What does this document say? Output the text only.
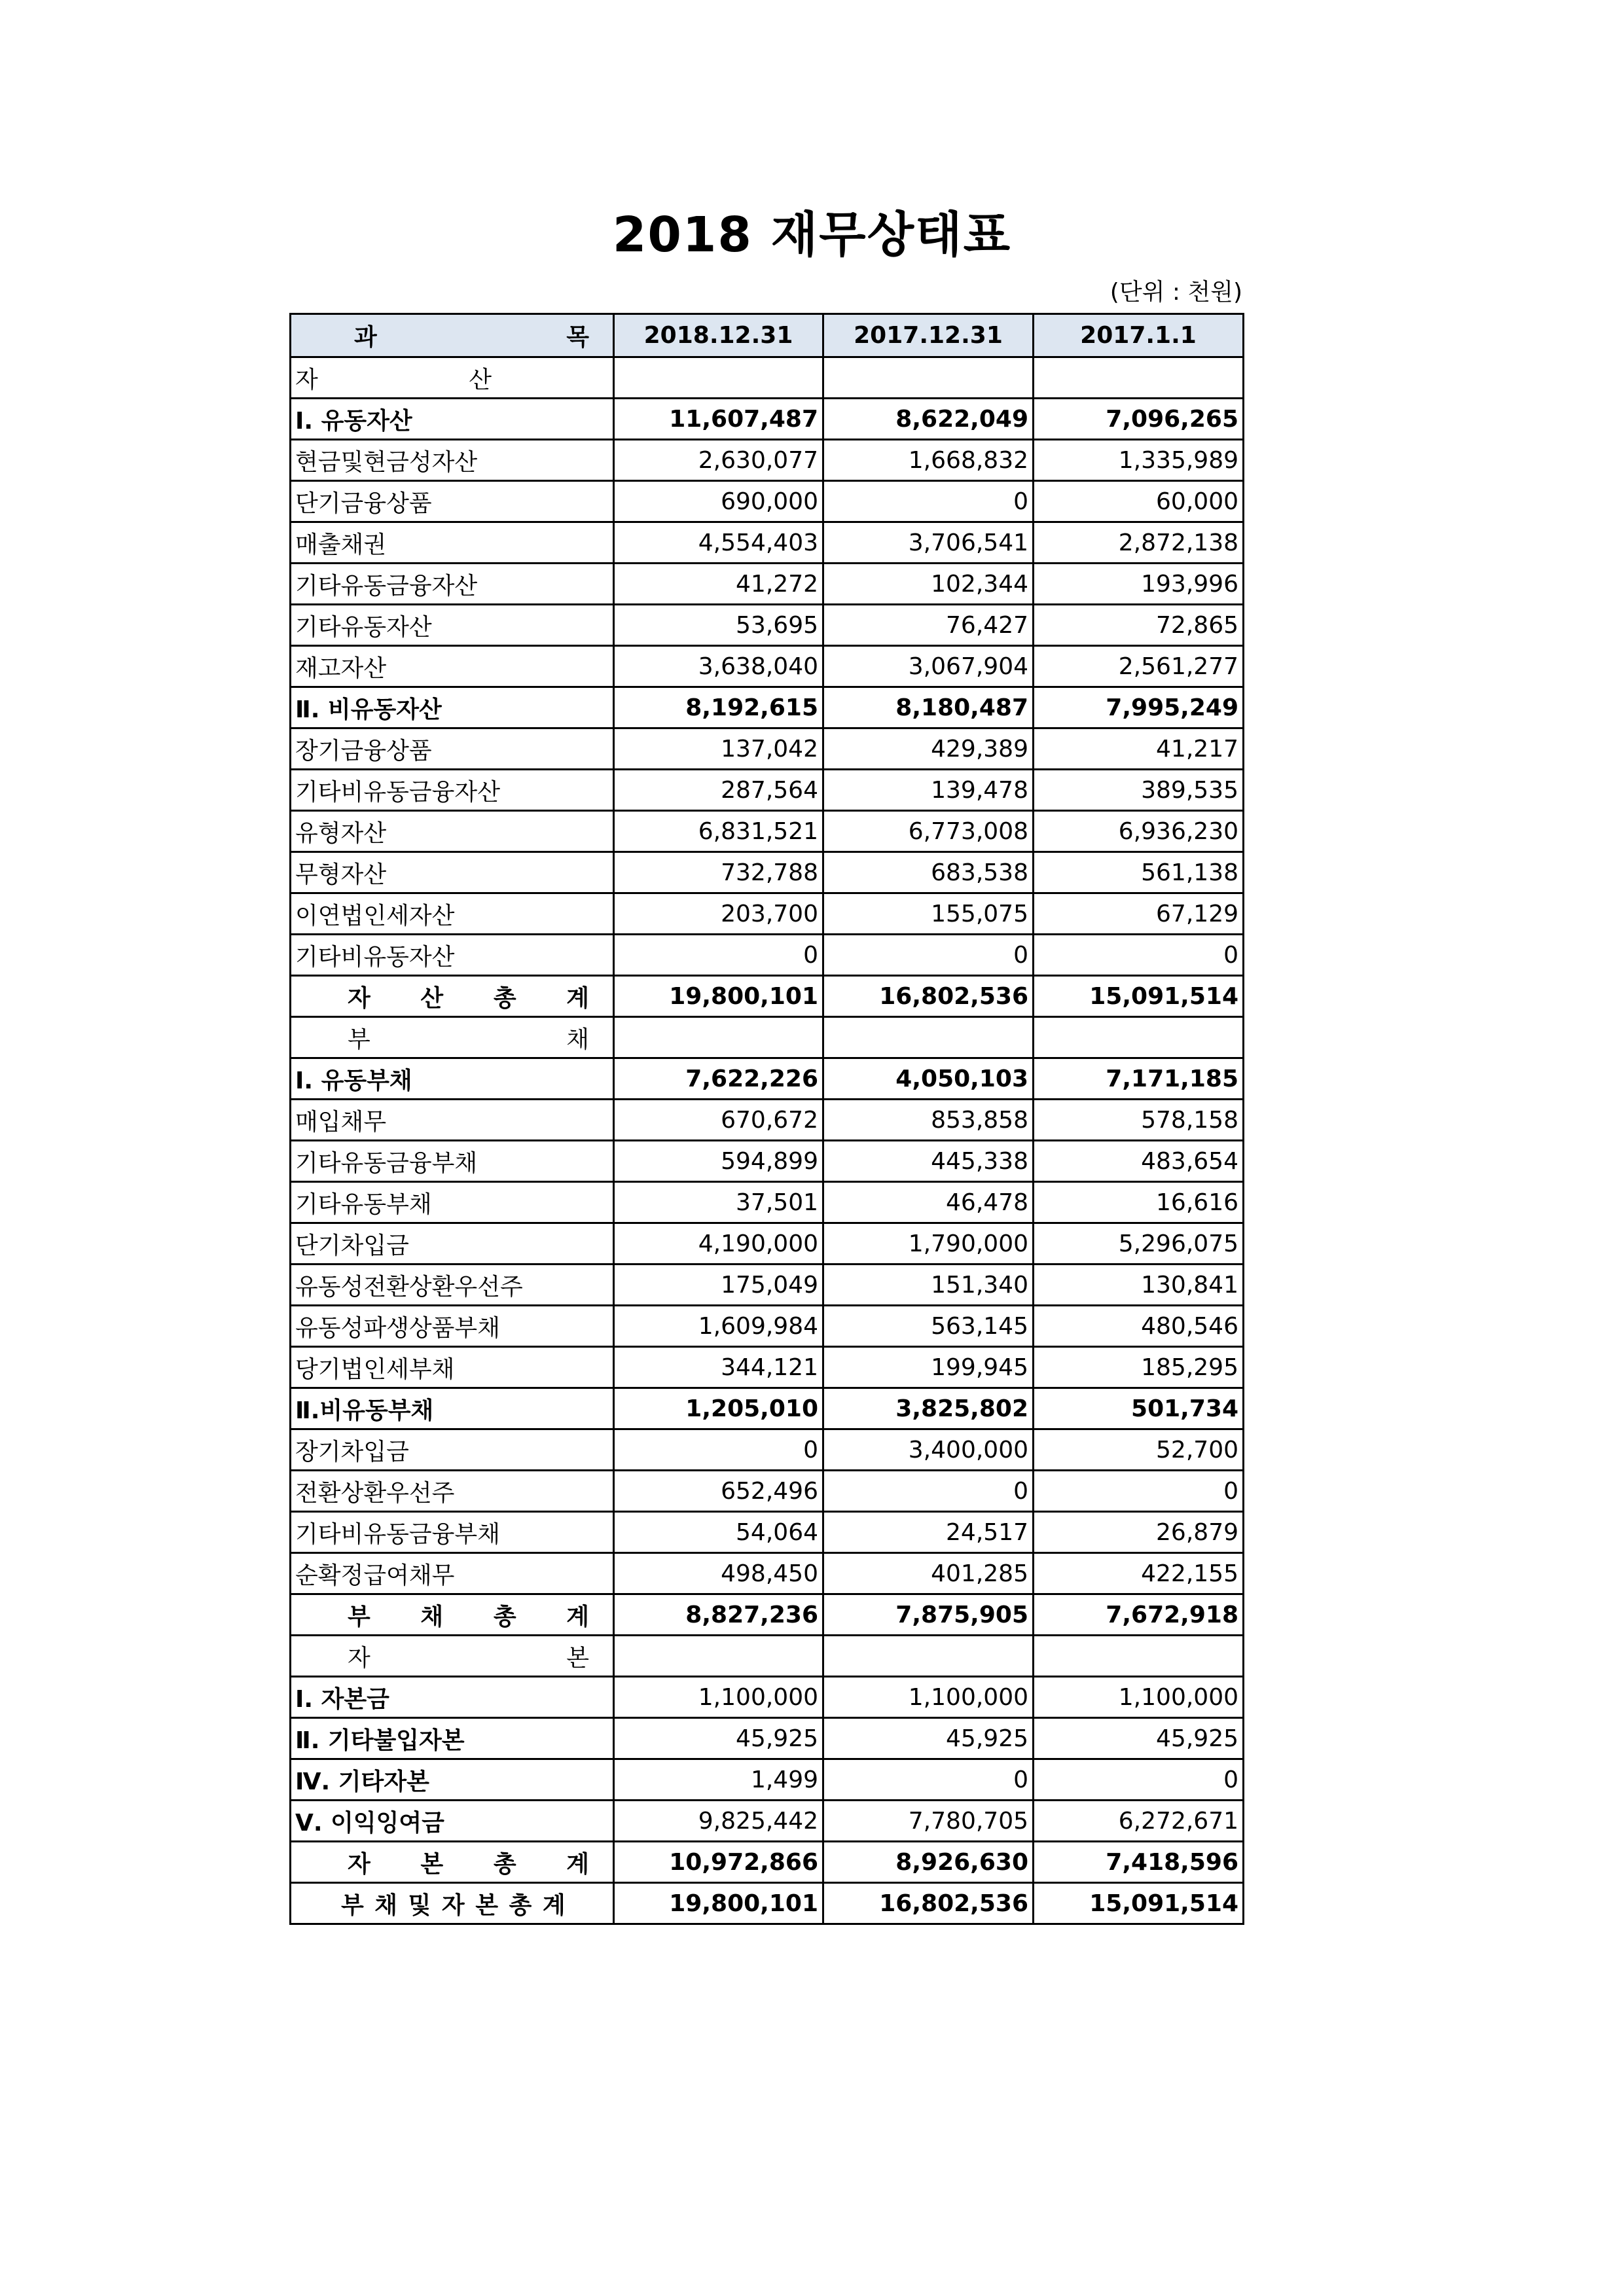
2018 재무상태표
(단위 : 천원)
과 목	2018.12.31	2017.12.31	2017.1.1

자 산			

Ⅰ. 유동자산	11,607,487	8,622,049	7,096,265

현금및현금성자산	2,630,077	1,668,832	1,335,989

단기금융상품	690,000	0	60,000

매출채권	4,554,403	3,706,541	2,872,138

기타유동금융자산	41,272	102,344	193,996

기타유동자산	53,695	76,427	72,865

재고자산	3,638,040	3,067,904	2,561,277

Ⅱ. 비유동자산	8,192,615	8,180,487	7,995,249

장기금융상품	137,042	429,389	41,217

기타비유동금융자산	287,564	139,478	389,535

유형자산	6,831,521	6,773,008	6,936,230

무형자산	732,788	683,538	561,138

이연법인세자산	203,700	155,075	67,129

기타비유동자산	0	0	0

자 산 총 계	19,800,101	16,802,536	15,091,514

부 채			

Ⅰ. 유동부채	7,622,226	4,050,103	7,171,185

매입채무	670,672	853,858	578,158

기타유동금융부채	594,899	445,338	483,654

기타유동부채	37,501	46,478	16,616

단기차입금	4,190,000	1,790,000	5,296,075

유동성전환상환우선주	175,049	151,340	130,841

유동성파생상품부채	1,609,984	563,145	480,546

당기법인세부채	344,121	199,945	185,295

Ⅱ.비유동부채	1,205,010	3,825,802	501,734

장기차입금	0	3,400,000	52,700

전환상환우선주	652,496	0	0

기타비유동금융부채	54,064	24,517	26,879

순확정급여채무	498,450	401,285	422,155

부 채 총 계	8,827,236	7,875,905	7,672,918

자 본			

Ⅰ. 자본금	1,100,000	1,100,000	1,100,000

Ⅱ. 기타불입자본	45,925	45,925	45,925

Ⅳ. 기타자본	1,499	0	0

Ⅴ. 이익잉여금	9,825,442	7,780,705	6,272,671

자 본 총 계	10,972,866	8,926,630	7,418,596

부 채 및 자 본 총 계	19,800,101	16,802,536	15,091,514
